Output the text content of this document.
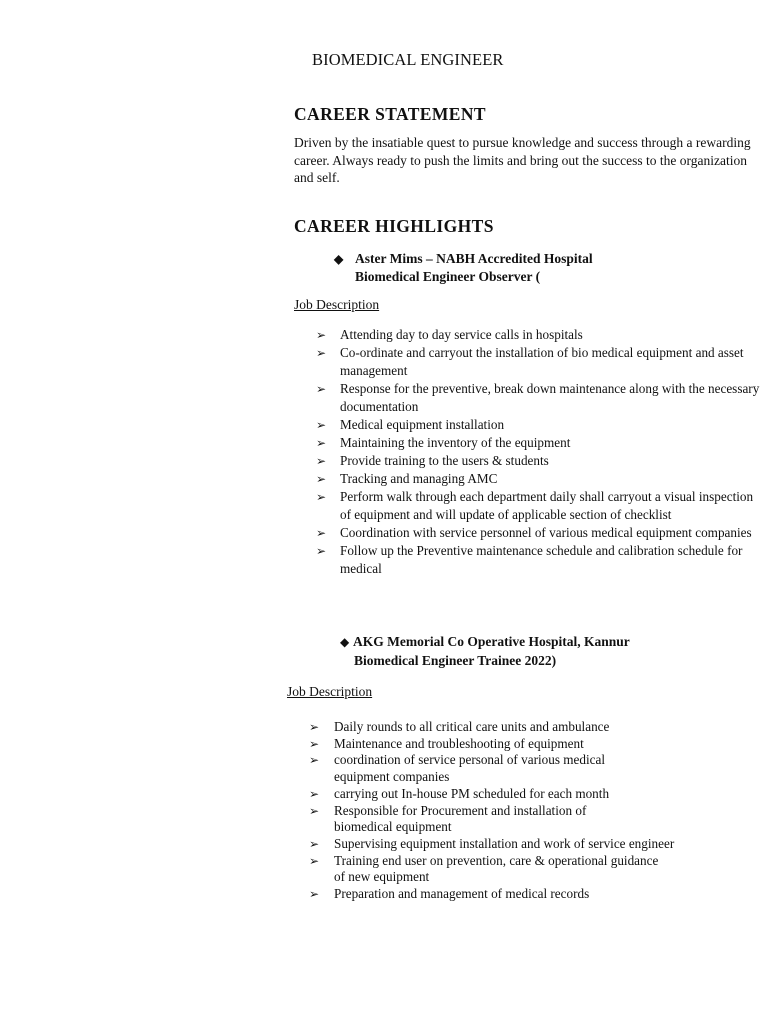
BIOMEDICAL ENGINEER
CAREER STATEMENT
Driven by the insatiable quest to pursue knowledge and success through a rewarding career. Always ready to push the limits and bring out the success to the organization and self.
CAREER HIGHLIGHTS
◆ Aster Mims – NABH Accredited Hospital
Biomedical Engineer Observer (
Job Description
➢ Attending day to day service calls in hospitals
➢ Co-ordinate and carryout the installation of bio medical equipment and asset management
➢ Response for the preventive, break down maintenance along with the necessary documentation
➢ Medical equipment installation
➢ Maintaining the inventory of the equipment
➢ Provide training to the users & students
➢ Tracking and managing AMC
➢ Perform walk through each department daily shall carryout a visual inspection of equipment and will update of applicable section of checklist
➢ Coordination with service personnel of various medical equipment companies
➢ Follow up the Preventive maintenance schedule and calibration schedule for medical
◆ AKG Memorial Co Operative Hospital, Kannur
Biomedical Engineer Trainee 2022)
Job Description
➢ Daily rounds to all critical care units and ambulance
➢ Maintenance and troubleshooting of equipment
➢ coordination of service personal of various medical
equipment companies
➢ carrying out In-house PM scheduled for each month
➢ Responsible for Procurement and installation of
biomedical equipment
➢ Supervising equipment installation and work of service engineer
➢ Training end user on prevention, care & operational guidance
of new equipment
➢ Preparation and management of medical records
